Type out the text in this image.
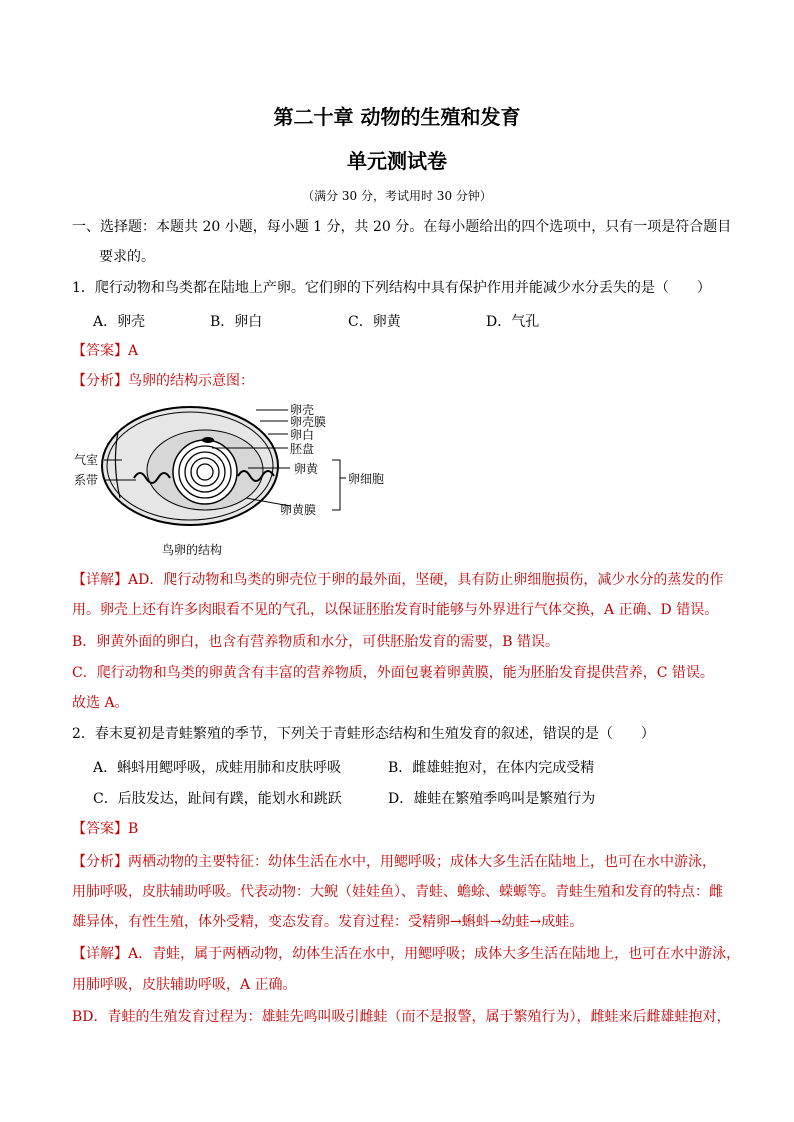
第二十章 动物的生殖和发育
单元测试卷
（满分 30 分，考试用时 30 分钟）
一、选择题：本题共 20 小题，每小题 1 分，共 20 分。在每小题给出的四个选项中，只有一项是符合题目
要求的。
1．爬行动物和鸟类都在陆地上产卵。它们卵的下列结构中具有保护作用并能减少水分丢失的是（　　）
A．卵壳	B．卵白	C．卵黄	D．气孔
【答案】A
【分析】鸟卵的结构示意图：
卵壳
卵壳膜
卵白
胚盘
卵黄
卵细胞
卵黄膜
气室
系带
鸟卵的结构
【详解】AD．爬行动物和鸟类的卵壳位于卵的最外面，坚硬，具有防止卵细胞损伤，减少水分的蒸发的作
用。卵壳上还有许多肉眼看不见的气孔，以保证胚胎发育时能够与外界进行气体交换，A 正确、D 错误。
B．卵黄外面的卵白，也含有营养物质和水分，可供胚胎发育的需要，B 错误。
C．爬行动物和鸟类的卵黄含有丰富的营养物质，外面包裹着卵黄膜，能为胚胎发育提供营养，C 错误。
故选 A。
2．春末夏初是青蛙繁殖的季节，下列关于青蛙形态结构和生殖发育的叙述，错误的是（　　）
A．蝌蚪用鳃呼吸，成蛙用肺和皮肤呼吸	B．雌雄蛙抱对，在体内完成受精
C．后肢发达，趾间有蹼，能划水和跳跃	D．雄蛙在繁殖季鸣叫是繁殖行为
【答案】B
【分析】两栖动物的主要特征：幼体生活在水中，用鳃呼吸；成体大多生活在陆地上，也可在水中游泳，
用肺呼吸，皮肤辅助呼吸。代表动物：大鲵（娃娃鱼）、青蛙、蟾蜍、蝾螈等。青蛙生殖和发育的特点：雌
雄异体，有性生殖，体外受精，变态发育。发育过程：受精卵→蝌蚪→幼蛙→成蛙。
【详解】A．青蛙，属于两栖动物，幼体生活在水中，用鳃呼吸；成体大多生活在陆地上，也可在水中游泳，
用肺呼吸，皮肤辅助呼吸，A 正确。
BD．青蛙的生殖发育过程为：雄蛙先鸣叫吸引雌蛙（而不是报警，属于繁殖行为），雌蛙来后雌雄蛙抱对，
